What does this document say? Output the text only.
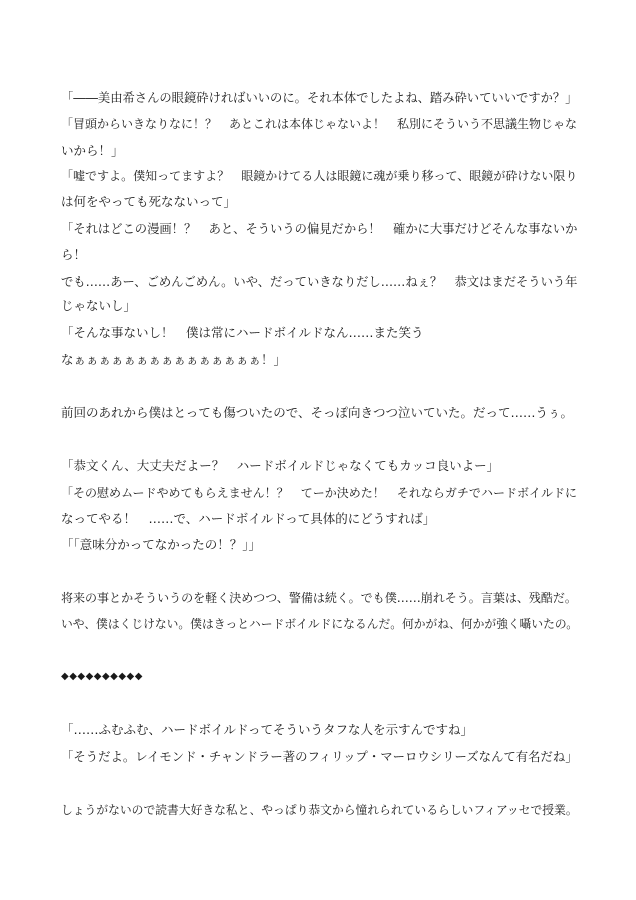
「――美由希さんの眼鏡砕ければいいのに。それ本体でしたよね、踏み砕いていいですか？」
「冒頭からいきなりなに！？　あとこれは本体じゃないよ！　私別にそういう不思議生物じゃな
いから！」
「嘘ですよ。僕知ってますよ？　眼鏡かけてる人は眼鏡に魂が乗り移って、眼鏡が砕けない限り
は何をやっても死なないって」
「それはどこの漫画！？　あと、そういうの偏見だから！　確かに大事だけどそんな事ないか
ら！
でも……あー、ごめんごめん。いや、だっていきなりだし……ねぇ？　恭文はまだそういう年
じゃないし」
「そんな事ないし！　僕は常にハードボイルドなん……また笑う
なぁぁぁぁぁぁぁぁぁぁぁぁぁぁぁ！」
前回のあれから僕はとっても傷ついたので、そっぽ向きつつ泣いていた。だって……うぅ。
「恭文くん、大丈夫だよー？　ハードボイルドじゃなくてもカッコ良いよー」
「その慰めムードやめてもらえません！？　てーか決めた！　それならガチでハードボイルドに
なってやる！　……で、ハードボイルドって具体的にどうすれば」
「「意味分かってなかったの！？」」
将来の事とかそういうのを軽く決めつつ、警備は続く。でも僕……崩れそう。言葉は、残酷だ。
いや、僕はくじけない。僕はきっとハードボイルドになるんだ。何かがね、何かが強く囁いたの。
◆◆◆◆◆◆◆◆◆◆
「……ふむふむ、ハードボイルドってそういうタフな人を示すんですね」
「そうだよ。レイモンド・チャンドラー著のフィリップ・マーロウシリーズなんて有名だね」
しょうがないので読書大好きな私と、やっぱり恭文から憧れられているらしいフィアッセで授業。
